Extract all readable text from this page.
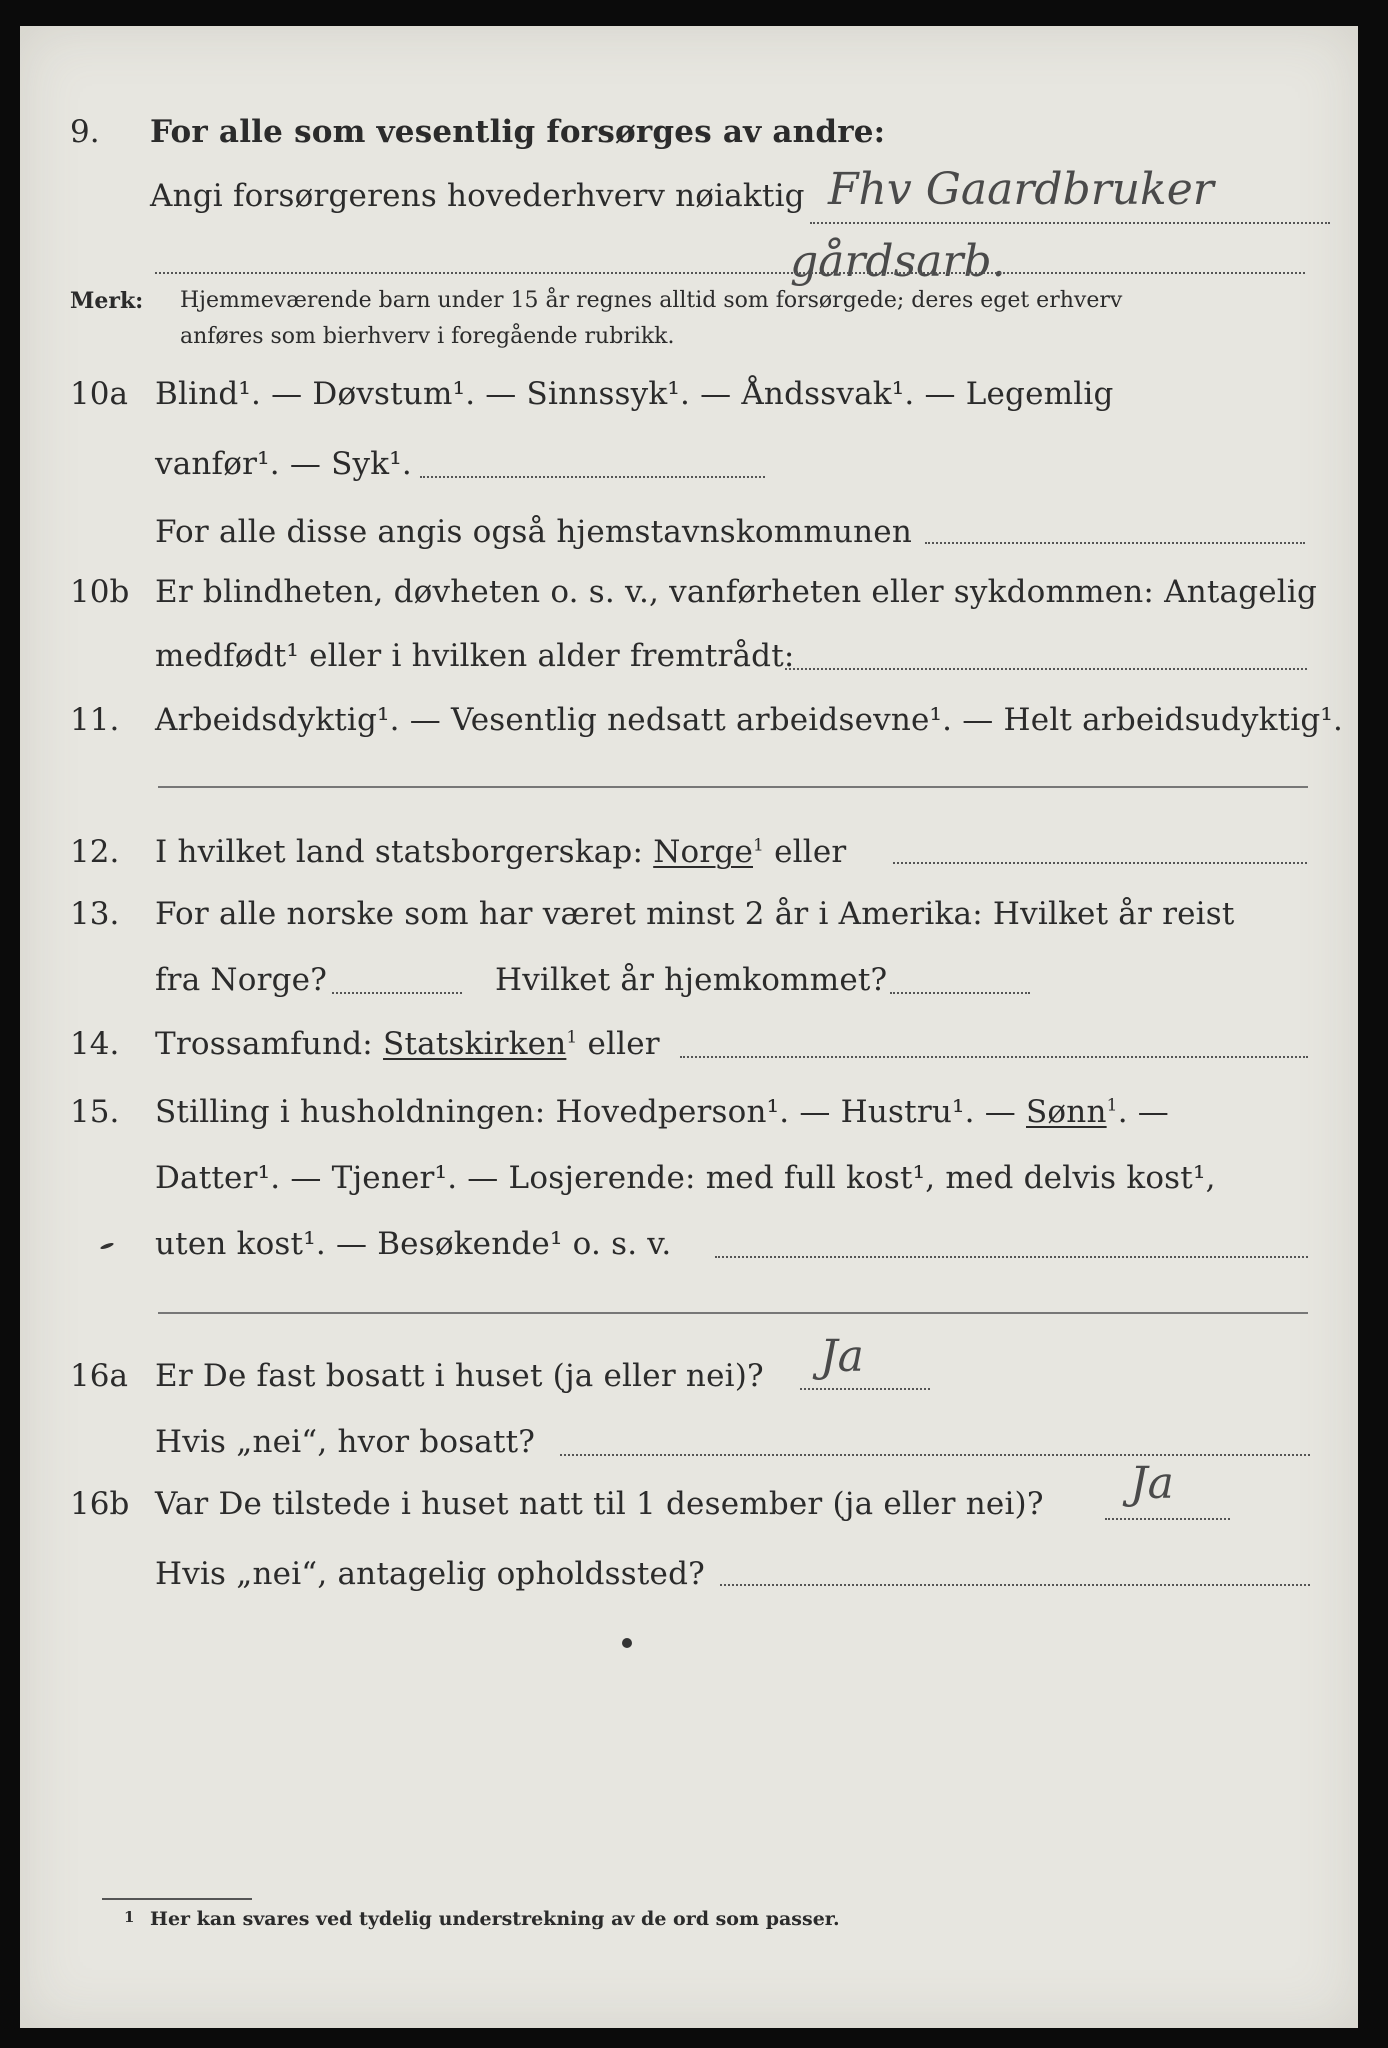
9. For alle som vesentlig forsørges av andre:
Angi forsørgerens hovederhverv nøiaktig Fhv Gaardbruker
gårdsarb.
Merk: Hjemmeværende barn under 15 år regnes alltid som forsørgede; deres eget erhverv
anføres som bierhverv i foregående rubrikk.
10a Blind¹. — Døvstum¹. — Sinnssyk¹. — Åndssvak¹. — Legemlig
vanfør¹. — Syk¹.
For alle disse angis også hjemstavnskommunen
10b Er blindheten, døvheten o. s. v., vanførheten eller sykdommen: Antagelig
medfødt¹ eller i hvilken alder fremtrådt:
11. Arbeidsdyktig¹. — Vesentlig nedsatt arbeidsevne¹. — Helt arbeidsudyktig¹.
12. I hvilket land statsborgerskap: Norge$^1$ eller
13. For alle norske som har været minst 2 år i Amerika: Hvilket år reist
fra Norge?	Hvilket år hjemkommet?
14. Trossamfund: Statskirken$^1$ eller
15. Stilling i husholdningen: Hovedperson¹. — Hustru¹. — Sønn$^1$. —
Datter¹. — Tjener¹. — Losjerende: med full kost¹, med delvis kost¹,
uten kost¹. — Besøkende¹ o. s. v.
16a Er De fast bosatt i huset (ja eller nei)? Ja
Hvis „nei“, hvor bosatt?
16b Var De tilstede i huset natt til 1 desember (ja eller nei)? Ja
Hvis „nei“, antagelig opholdssted?
1 Her kan svares ved tydelig understrekning av de ord som passer.
